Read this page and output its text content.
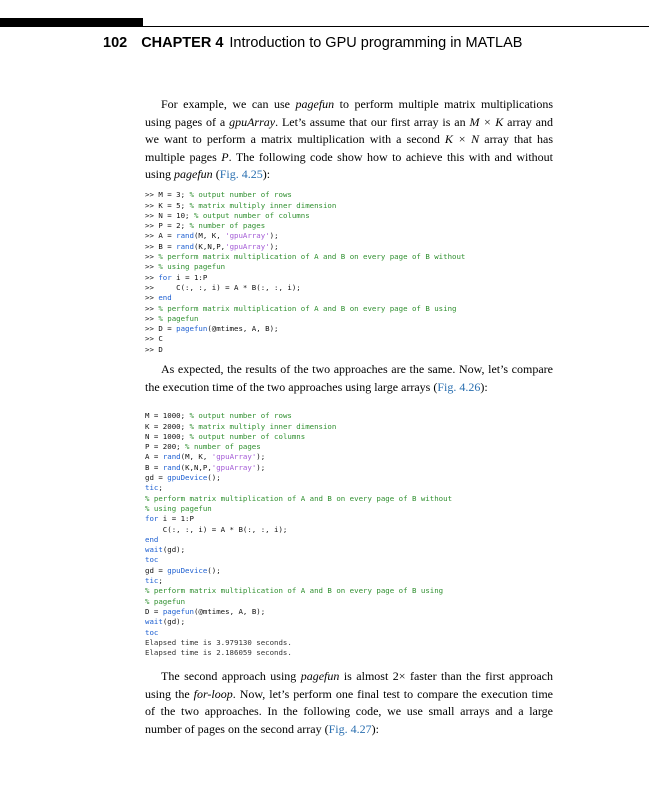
102 CHAPTER 4 Introduction to GPU programming in MATLAB
For example, we can use pagefun to perform multiple matrix multiplications using pages of a gpuArray. Let’s assume that our first array is an M × K array and we want to perform a matrix multiplication with a second K × N array that has multiple pages P. The following code show how to achieve this with and without using pagefun (Fig. 4.25):

>> M = 3; % output number of rows
>> K = 5; % matrix multiply inner dimension
>> N = 10; % output number of columns
>> P = 2; % number of pages
>> A = rand(M, K, 'gpuArray');
>> B = rand(K,N,P,'gpuArray');
>> % perform matrix multiplication of A and B on every page of B without
>> % using pagefun
>> for i = 1:P
>>     C(:, :, i) = A * B(:, :, i);
>> end
>> % perform matrix multiplication of A and B on every page of B using
>> % pagefun
>> D = pagefun(@mtimes, A, B);
>> C
>> D

As expected, the results of the two approaches are the same. Now, let’s compare the execution time of the two approaches using large arrays (Fig. 4.26):

M = 1000; % output number of rows
K = 2000; % matrix multiply inner dimension
N = 1000; % output number of columns
P = 200; % number of pages
A = rand(M, K, 'gpuArray');
B = rand(K,N,P,'gpuArray');
gd = gpuDevice();
tic;
% perform matrix multiplication of A and B on every page of B without
% using pagefun
for i = 1:P
C(:, :, i) = A * B(:, :, i);
end
wait(gd);
toc
gd = gpuDevice();
tic;
% perform matrix multiplication of A and B on every page of B using
% pagefun
D = pagefun(@mtimes, A, B);
wait(gd);
toc
Elapsed time is 3.979130 seconds.
Elapsed time is 2.186059 seconds.

The second approach using pagefun is almost 2× faster than the first approach using the for-loop. Now, let’s perform one final test to compare the execution time of the two approaches. In the following code, we use small arrays and a large number of pages on the second array (Fig. 4.27):
